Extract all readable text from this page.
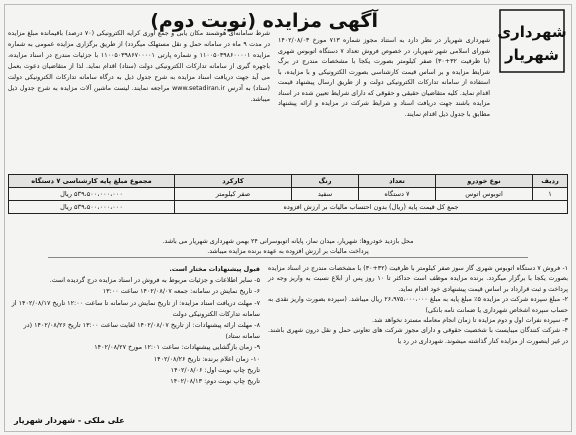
شهرداری
شهریار
آگهی مزایده (نوبت دوم)

شهرداری شهریار در نظر دارد به استناد مجوز شماره ۷۱۳ مورخ ۱۴۰۲/۰۸/۰۳ شورای اسلامی شهر شهریار، در خصوص فروش تعداد ۷ دستگاه اتوبوس شهری (با ظرفیت ۳۲+۳۰) صفر کیلومتر بصورت یکجا با مشخصات مندرج در برگ شرایط مزایده و بر اساس قیمت کارشناسی بصورت الکترونیکی و با مزایده، با استفاده از سامانه تدارکات الکترونیکی دولت و از طریق ارسال پیشنهاد قیمت اقدام نماید. کلیه متقاضیان حقیقی و حقوقی که دارای شرایط تعیین شده در اسناد مزایده باشند جهت دریافت اسناد و شرایط شرکت در مزایده و ارائه پیشنهاد مطابق با جدول ذیل اقدام نمایند.

شرط سامانه‌ای هوشمند مکان یابی و جمع آوری کرایه الکترونیکی (۷۰ درصد) باقیمانده مبلغ مزایده در مدت ۹ ماه در سامانه حمل و نقل مستهلک میگردد) از طریق برگزاری مزایده عمومی به شماره مزایده ۱۱۰۰۵۰۳۹۸۶۰۰۰۰۱ و شماره پارتی ۱۱۰۰۵۰۳۹۸۶۷۰۰۰۰۱ با جزئیات مندرج در اسناد مزایده، باجهره گیری از سامانه تدارکات الکترونیکی دولت (ستاد) اقدام نماید. لذا از متقاضیان دعوت بعمل می آید جهت دریافت اسناد مزایده به شرح جدول ذیل به درگاه سامانه تدارکات الکترونیکی دولت (ستاد) به آدرس www.setadiran.ir مراجعه نمایند. لیست ماشین آلات مزایده به شرح جدول ذیل میباشد.

ردیف	نوع خودرو	تعداد	رنگ	کارکرد	مجموع مبلغ پایه کارشناسی ۷ دستگاه
۱	اتوبوس اتوس	۷ دستگاه	سفید	صفر کیلومتر	۵۳۹،۵۰۰،۰۰۰،۰۰۰ ریال
جمع کل قیمت پایه (ریال) بدون احتساب مالیات بر ارزش افزوده					۵۳۹،۵۰۰،۰۰۰،۰۰۰ ریال
محل بازدید خودروها: شهریار، میدان نماز، پایانه اتوبوسرانی ۲۴ بهمن شهرداری شهریار می باشد.
پرداخت مالیات بر ارزش افزوده به عهده برنده مزایده میباشد.

۱- فروش ۷ دستگاه اتوبوس شهری گاز سوز صفر کیلومتر با ظرفیت (۳۲+۳۰) با مشخصات مندرج در اسناد مزایده بصورت یکجا با برگزار میگردد. برنده مزایده موظف است حداکثر تا ۱۰ روز پس از ابلاغ نسبت به واریز وجه در پرداخت و ثبت قرارداد بر اساس قیمت پیشنهادی خود اقدام نماید.

۲- مبلغ سپرده شرکت در مزایده ۵٪ مبلغ پایه به مبلغ ۲۶،۹۷۵،۰۰۰،۰۰۰ ریال میباشد. (سپرده بصورت واریز نقدی به حساب سپرده اشخاص شهرداری یا ضمانت نامه بانکی)

۳- سپرده نفرات اول و دوم مزایده تا زمان انجام معامله مسترد نخواهد شد.

۴- شرکت کنندگان میبایست با شخصیت حقوقی و دارای مجوز شرکت های تعاونی حمل و نقل درون شهری باشند. در غیر اینصورت از مزایده کنار گذاشته میشوند. شهرداری در رد یا

قبول پیشنهادات مختار است.

۵- سایر اطلاعات و جزئیات مربوط به فروش در اسناد مزایده درج گردیده است.

۶- تاریخ نمایش در سامانه: جمعه ۱۴۰۲/۰۸/۰۷ ساعت ۱۳:۰۰

۷- مهلت دریافت اسناد مزایده: از تاریخ نمایش در سامانه تا ساعت ۱۲:۰۰ تاریخ ۱۴۰۲/۰۸/۱۷ از سامانه تدارکات الکترونیکی دولت

۸- مهلت ارائه پیشنهادات: از تاریخ ۱۴۰۲/۰۸/۰۷ لغایت ساعت ۱۳:۰۰ تاریخ ۱۴۰۲/۰۸/۲۶ (در سامانه ستاد)

۹- زمان بازگشایی پیشنهادات: ساعت ۱۲:۰۱ مورخ ۱۴۰۲/۰۸/۲۷

۱۰- زمان اعلام برنده: تاریخ ۱۴۰۲/۰۸/۲۶

تاریخ چاپ نوبت اول: ۱۴۰۲/۰۸/۰۶

تاریخ چاپ نوبت دوم: ۱۴۰۲/۰۸/۱۳

علی ملکی - شهردار شهریار
